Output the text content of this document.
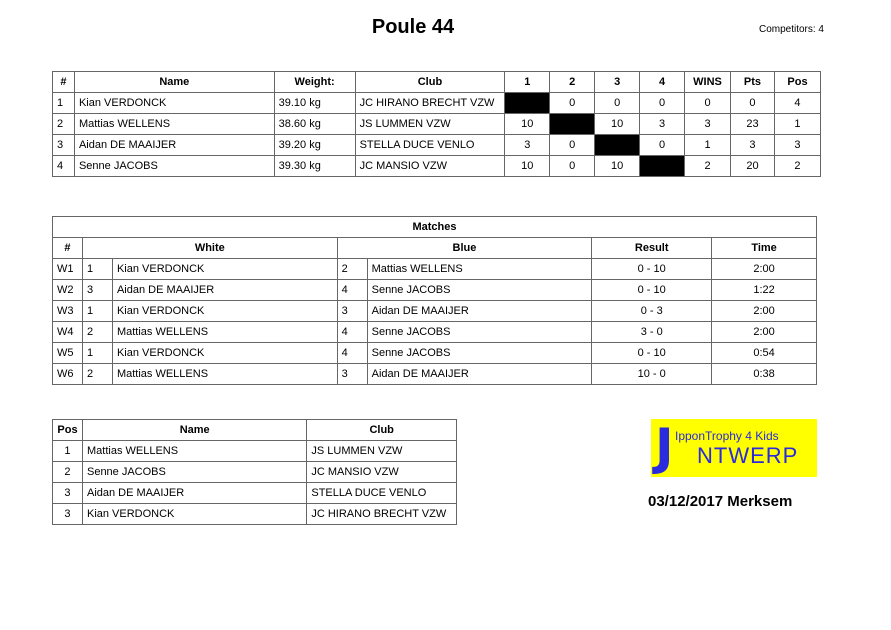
Poule 44	Competitors: 4
#	Name	Weight:	Club	1	2	3	4	WINS	Pts	Pos
1	Kian VERDONCK	39.10 kg	JC HIRANO BRECHT VZW		0	0	0	0	0	4
2	Mattias WELLENS	38.60 kg	JS LUMMEN VZW	10		10	3	3	23	1
3	Aidan DE MAAIJER	39.20 kg	STELLA DUCE VENLO	3	0		0	1	3	3
4	Senne JACOBS	39.30 kg	JC MANSIO VZW	10	0	10		2	20	2
Matches						
#	White		Blue		Result	Time
W1	1	Kian VERDONCK	2	Mattias WELLENS	0 - 10	2:00
W2	3	Aidan DE MAAIJER	4	Senne JACOBS	0 - 10	1:22
W3	1	Kian VERDONCK	3	Aidan DE MAAIJER	0 - 3	2:00
W4	2	Mattias WELLENS	4	Senne JACOBS	3 - 0	2:00
W5	1	Kian VERDONCK	4	Senne JACOBS	0 - 10	0:54
W6	2	Mattias WELLENS	3	Aidan DE MAAIJER	10 - 0	0:38
Pos	Name	Club
1	Mattias WELLENS	JS LUMMEN VZW
2	Senne JACOBS	JC MANSIO VZW
3	Aidan DE MAAIJER	STELLA DUCE VENLO
3	Kian VERDONCK	JC HIRANO BRECHT VZW
J IpponTrophy 4 Kids
NTWERP
03/12/2017 Merksem
